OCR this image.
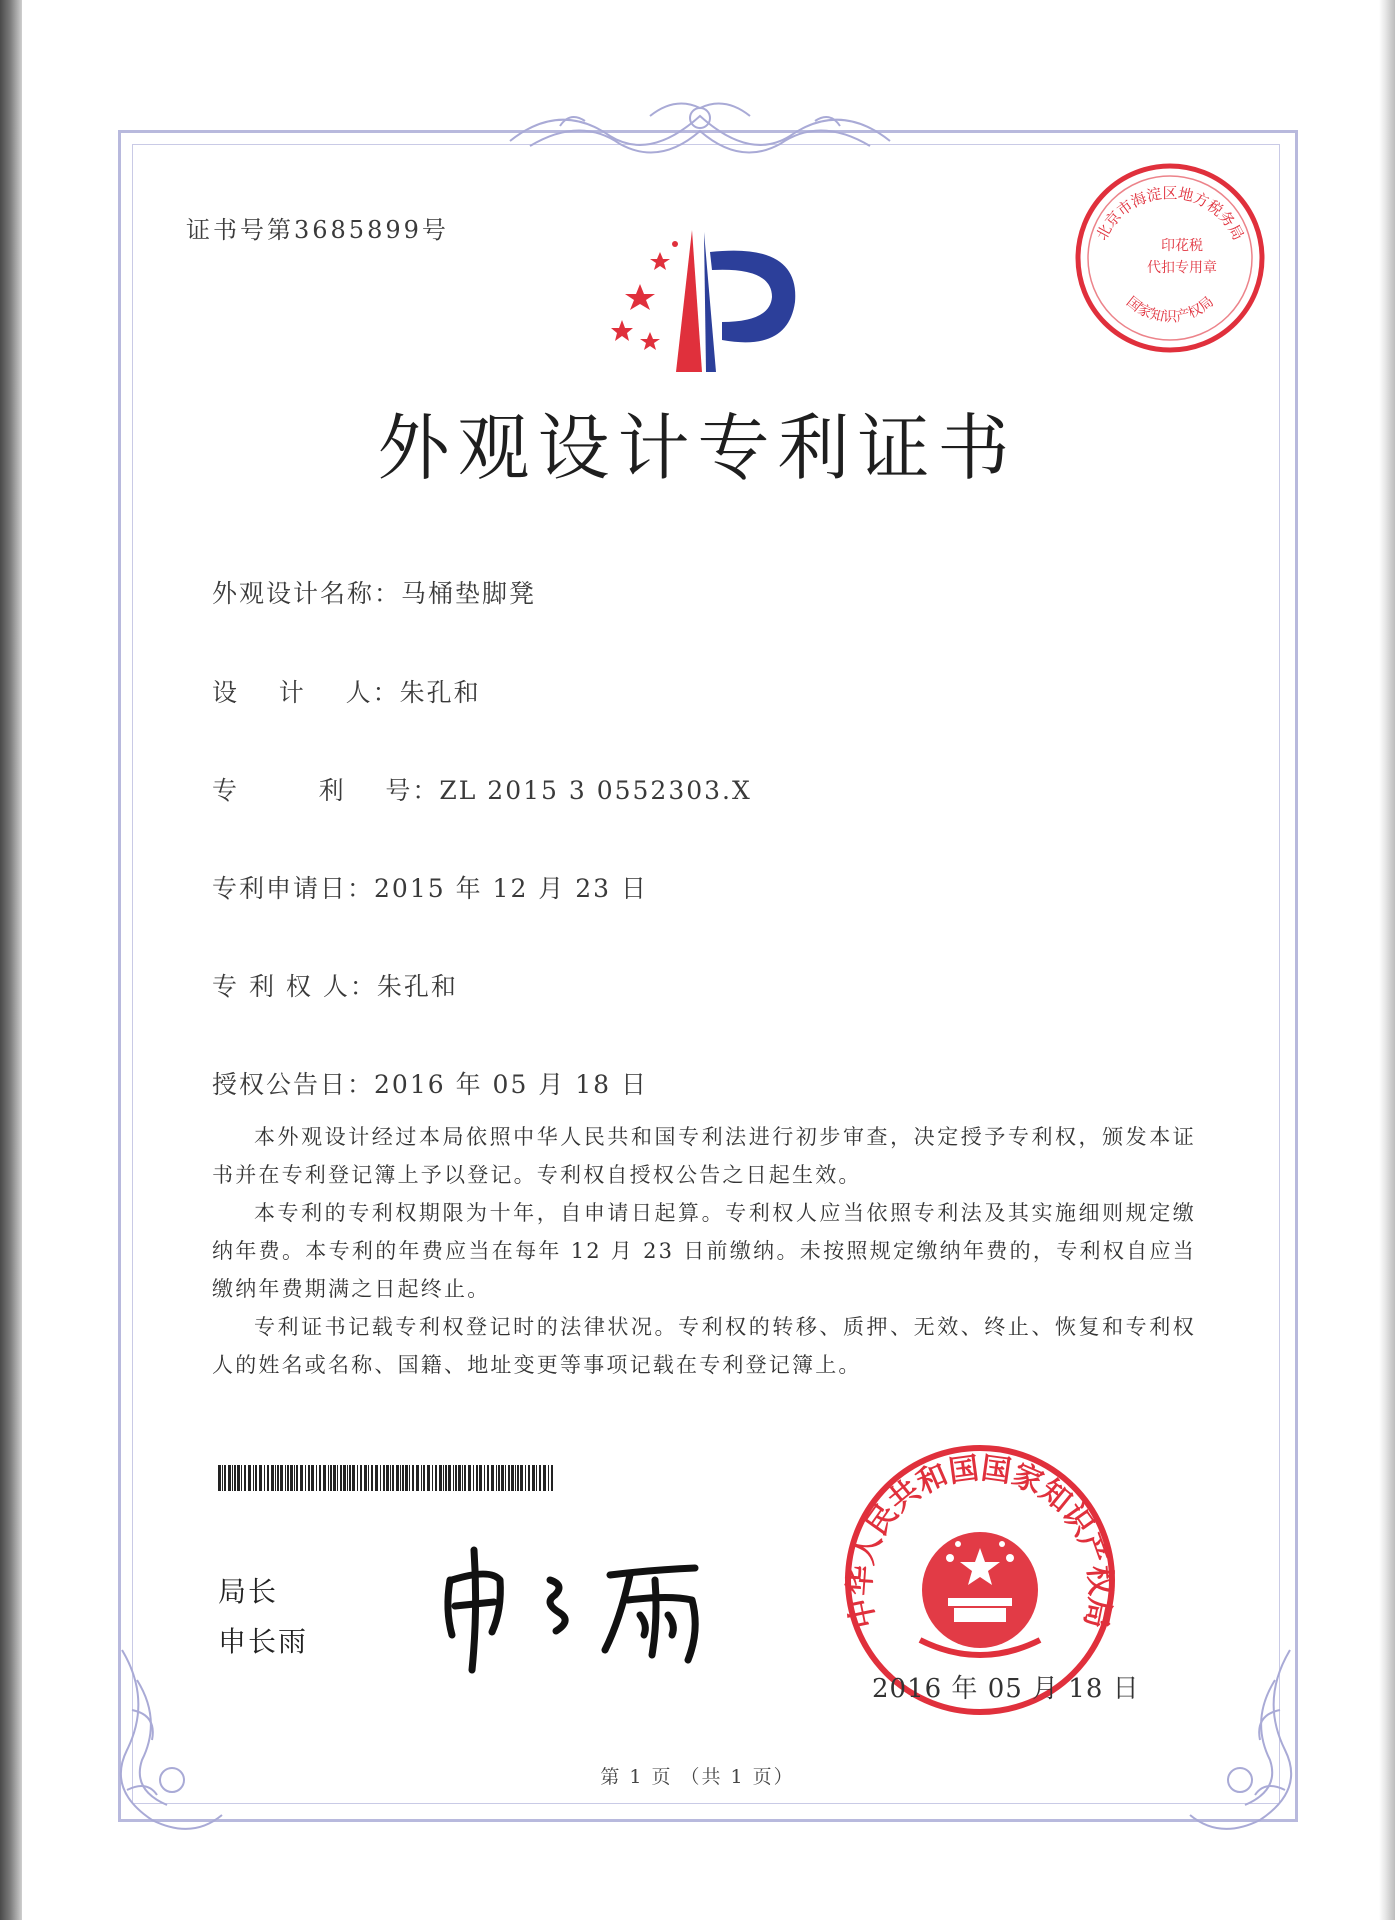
证书号第3685899号
外观设计专利证书
外观设计名称：马桶垫脚凳
设    计    人：朱孔和
专        利    号：ZL 2015 3 0552303.X
专利申请日：2015 年 12 月 23 日
专 利 权 人：朱孔和
授权公告日：2016 年 05 月 18 日

本外观设计经过本局依照中华人民共和国专利法进行初步审查，决定授予专利权，颁发本证书并在专利登记簿上予以登记。专利权自授权公告之日起生效。

本专利的专利权期限为十年，自申请日起算。专利权人应当依照专利法及其实施细则规定缴纳年费。本专利的年费应当在每年 12 月 23 日前缴纳。未按照规定缴纳年费的，专利权自应当缴纳年费期满之日起终止。

专利证书记载专利权登记时的法律状况。专利权的转移、质押、无效、终止、恢复和专利权人的姓名或名称、国籍、地址变更等事项记载在专利登记簿上。

局长
申长雨
北京市海淀区地方税务局
国家知识产权局
印花税
代扣专用章
中华人民共和国国家知识产权局
2016 年 05 月 18 日
第 1 页 （共 1 页）
